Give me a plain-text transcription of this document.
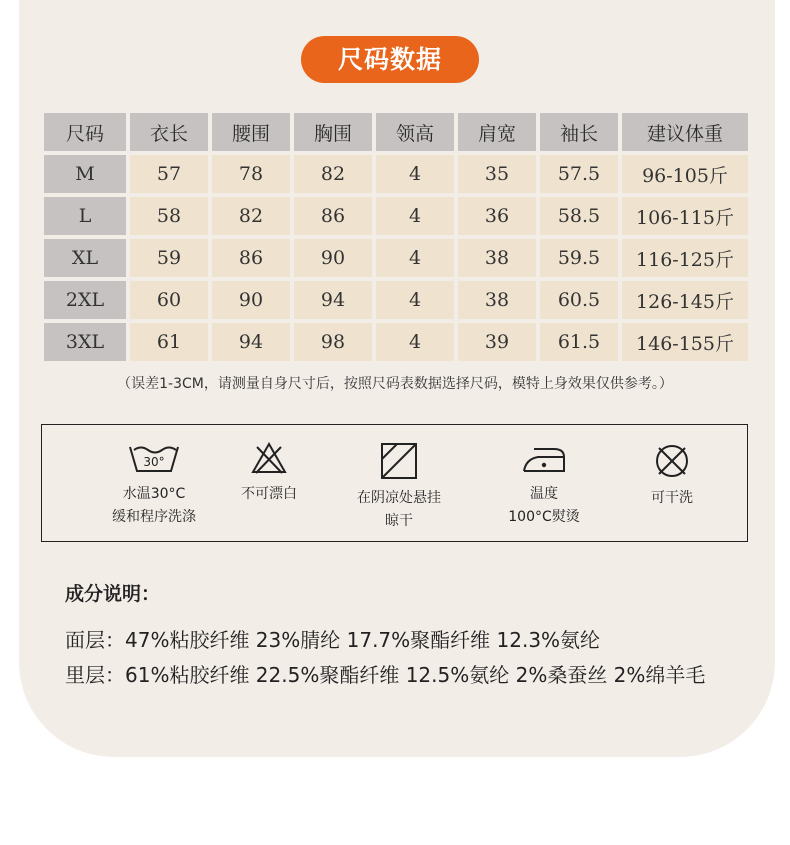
尺码数据
尺码	衣长	腰围	胸围	领高	肩宽	袖长	建议体重
M	57	78	82	4	35	57.5	96-105斤
L	58	82	86	4	36	58.5	106-115斤
XL	59	86	90	4	38	59.5	116-125斤
2XL	60	90	94	4	38	60.5	126-145斤
3XL	61	94	98	4	39	61.5	146-155斤
（误差1-3CM，请测量自身尺寸后，按照尺码表数据选择尺码，模特上身效果仅供参考。）
30°
水温30°C
缓和程序洗涤
不可漂白	在阴凉处悬挂
晾干
温度
100°C熨烫
可干洗
成分说明：
面层：47%粘胶纤维 23%腈纶 17.7%聚酯纤维 12.3%氨纶
里层：61%粘胶纤维 22.5%聚酯纤维 12.5%氨纶 2%桑蚕丝 2%绵羊毛
